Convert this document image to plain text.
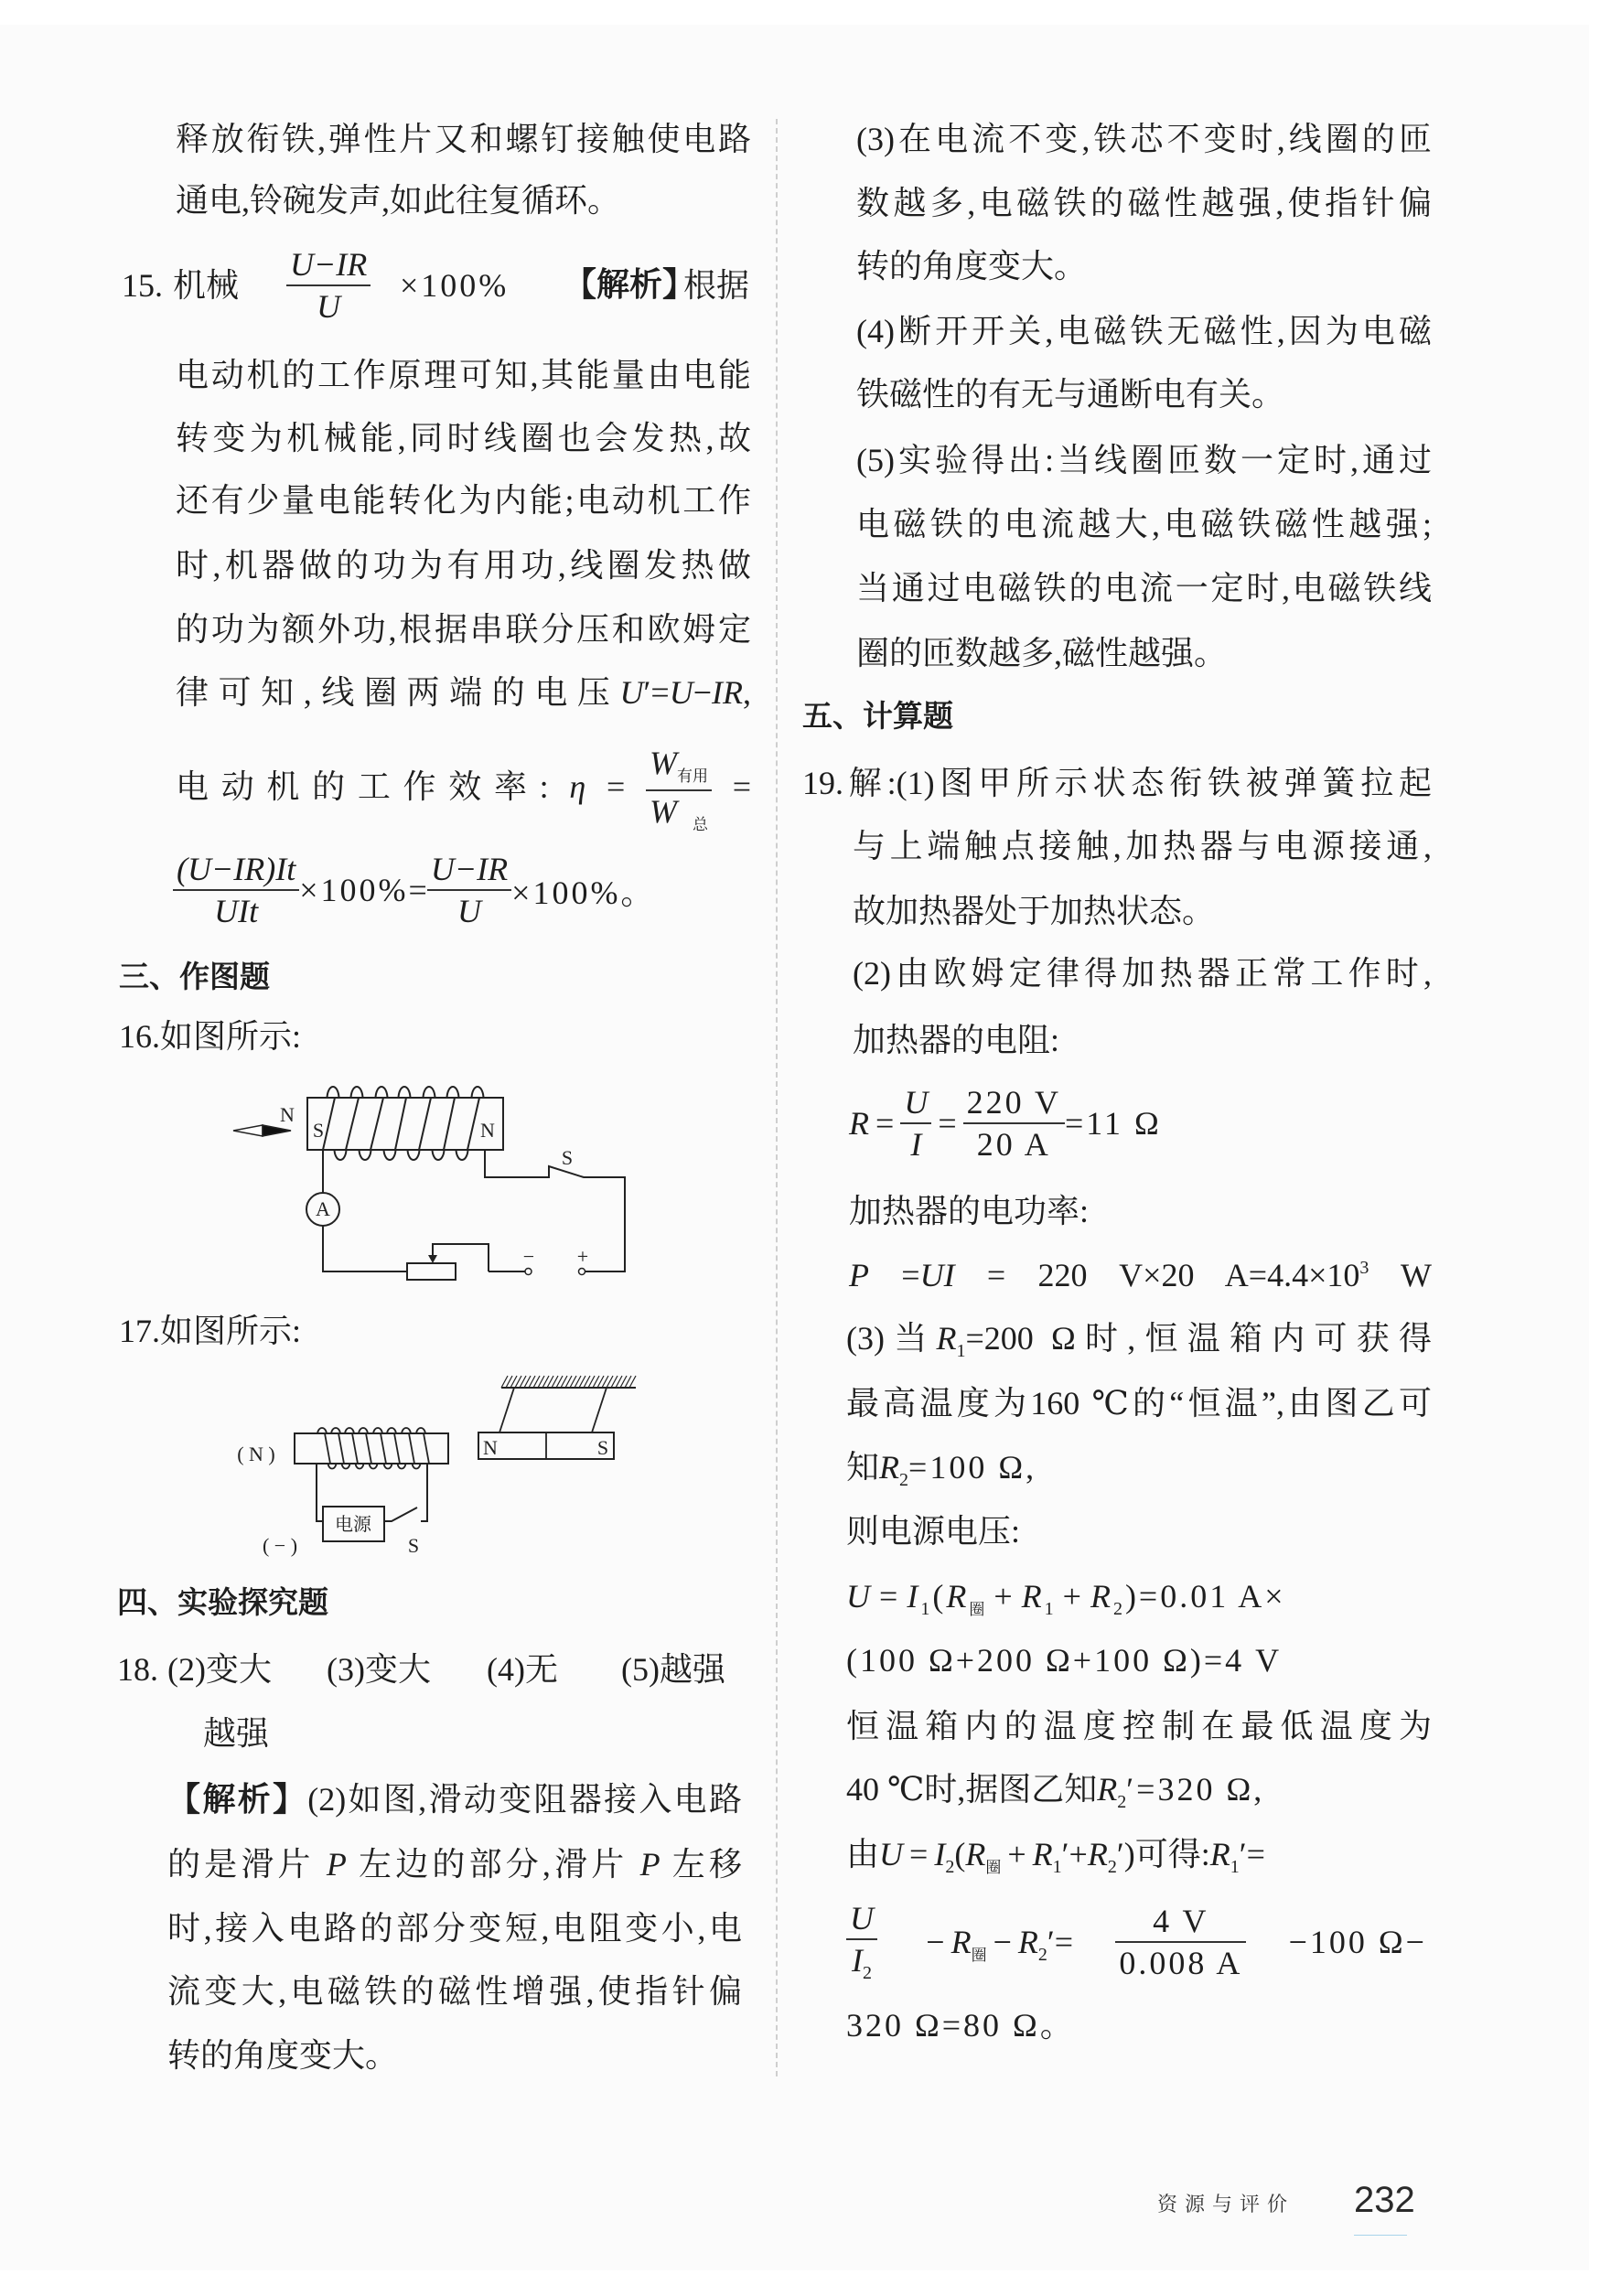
释放衔铁,弹性片又和螺钉接触使电路
通电,铃碗发声,如此往复循环。
15. 机械 $\frac{U-IR}{U} \times 100\%$ 【解析】
根据
电动机的工作原理可知,其能量由电能
转变为机械能,同时线圈也会发热,故
还有少量电能转化为内能;电动机工作
时,机器做的功为有用功,线圈发热做
的功为额外功,根据串联分压和欧姆定
律可知,线圈两端的电压U′=U−IR,
电动机的工作效率: $\eta = \frac{W_{有用}}{W_总}$ =
$\frac{(U-IR)It}{\text{UIt}} \times 100\% = \frac{U-IR}{U} \times 100\%$。
三、作图题
16.如图所示:
N
A
− +
S	N
S
17.如图所示:
( N )
电源
S
( − )
N	S
四、实验探究题
18. (2)变大 (3)变大 (4)无 (5)越强
越强
【解析】(2)如图,滑动变阻器接入电路
的是滑片 P 左边的部分,滑片 P 左移
时,接入电路的部分变短,电阻变小,电
流变大,电磁铁的磁性增强,使指针偏
转的角度变大。
(3)在电流不变,铁芯不变时,线圈的匝
数越多,电磁铁的磁性越强,使指针偏
转的角度变大。
(4)断开开关,电磁铁无磁性,因为电磁
铁磁性的有无与通断电有关。
(5)实验得出:当线圈匝数一定时,通过
电磁铁的电流越大,电磁铁磁性越强;
当通过电磁铁的电流一定时,电磁铁线
圈的匝数越多,磁性越强。
五、计算题
19.解:(1)图甲所示状态衔铁被弹簧拉起
与上端触点接触,加热器与电源接通,
故加热器处于加热状态。
(2)由欧姆定律得加热器正常工作时,
加热器的电阻:
$R = \frac{U}{I} = \frac{220 V}{20 A} =11$ Ω
加热器的电功率:
P =UI = 220 V×20 $A=4.4\times 10^3$ W
(3)当$R_1=200$ Ω时,恒温箱内可获得
最高温度为160 ℃的“恒温”,由图乙可
知$R_2=100$ Ω,
则电源电压:
$U = I_1(R_圈 + R_1 + R_2)=0.01$ A×
(100 Ω+200 Ω+100 Ω)=4 V
恒温箱内的温度控制在最低温度为
40 ℃时,据图乙知$R_2'=320$ Ω,
由$U = I_2(R_圈 + R_1'+R_2')$可得$:R_1'=$
$\frac{U}{I_2} - R_圈 - R_2'= \frac{4 V}{0.008 A} -100$ Ω−
320 Ω=80 Ω。
资源与评价 232
